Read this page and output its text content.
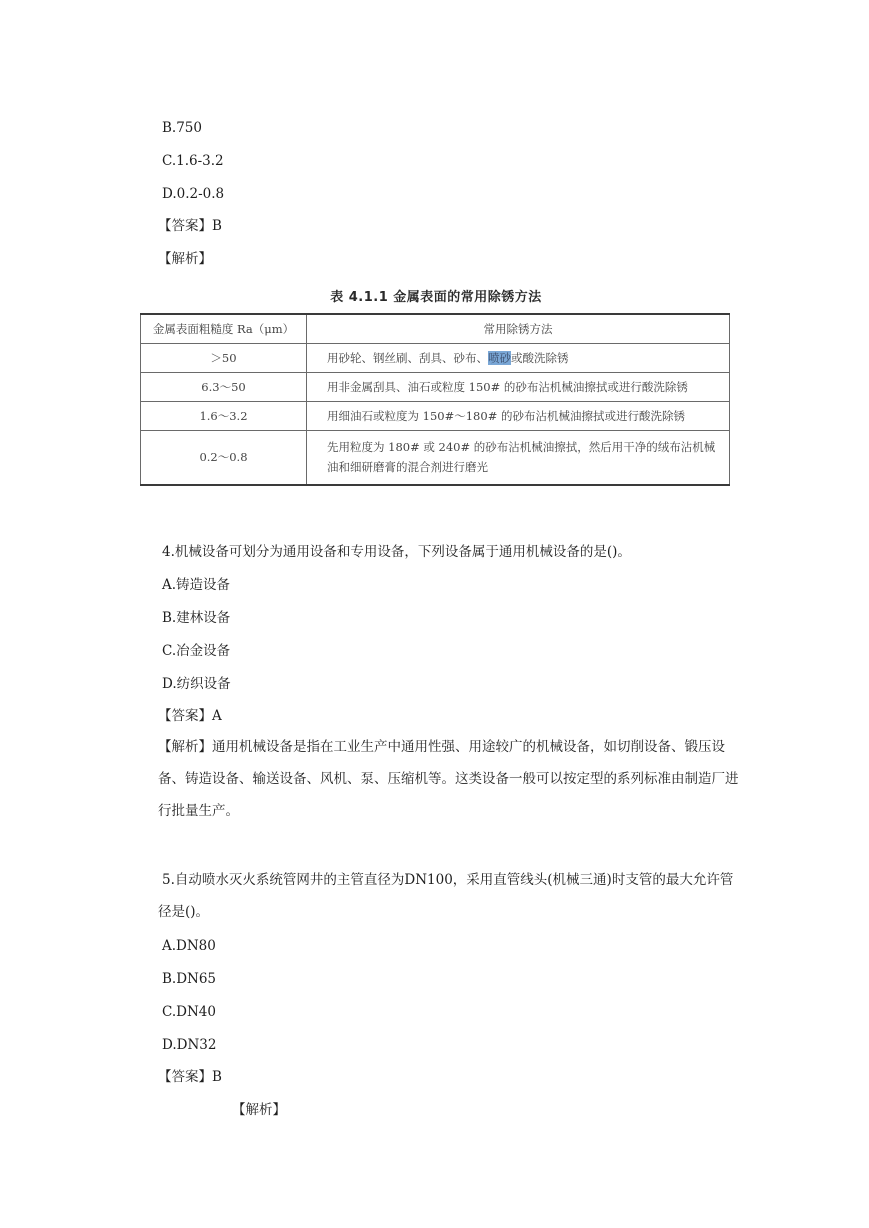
B.750
C.1.6-3.2
D.0.2-0.8
【答案】B
【解析】
表 4.1.1 金属表面的常用除锈方法
金属表面粗糙度 Ra（μm）	常用除锈方法
＞50	用砂轮、钢丝刷、刮具、砂布、喷砂或酸洗除锈
6.3～50	用非金属刮具、油石或粒度 150# 的砂布沾机械油擦拭或进行酸洗除锈
1.6～3.2	用细油石或粒度为 150#～180# 的砂布沾机械油擦拭或进行酸洗除锈
0.2～0.8	先用粒度为 180# 或 240# 的砂布沾机械油擦拭，然后用干净的绒布沾机械油和细研磨膏的混合剂进行磨光
4.机械设备可划分为通用设备和专用设备，下列设备属于通用机械设备的是()。
A.铸造设备
B.建林设备
C.冶金设备
D.纺织设备
【答案】A
【解析】通用机械设备是指在工业生产中通用性强、用途较广的机械设备，如切削设备、锻压设备、铸造设备、输送设备、风机、泵、压缩机等。这类设备一般可以按定型的系列标准由制造厂进行批量生产。
5.自动喷水灭火系统管网井的主管直径为DN100，采用直管线头(机械三通)时支管的最大允许管径是()。
A.DN80
B.DN65
C.DN40
D.DN32
【答案】B
【解析】
